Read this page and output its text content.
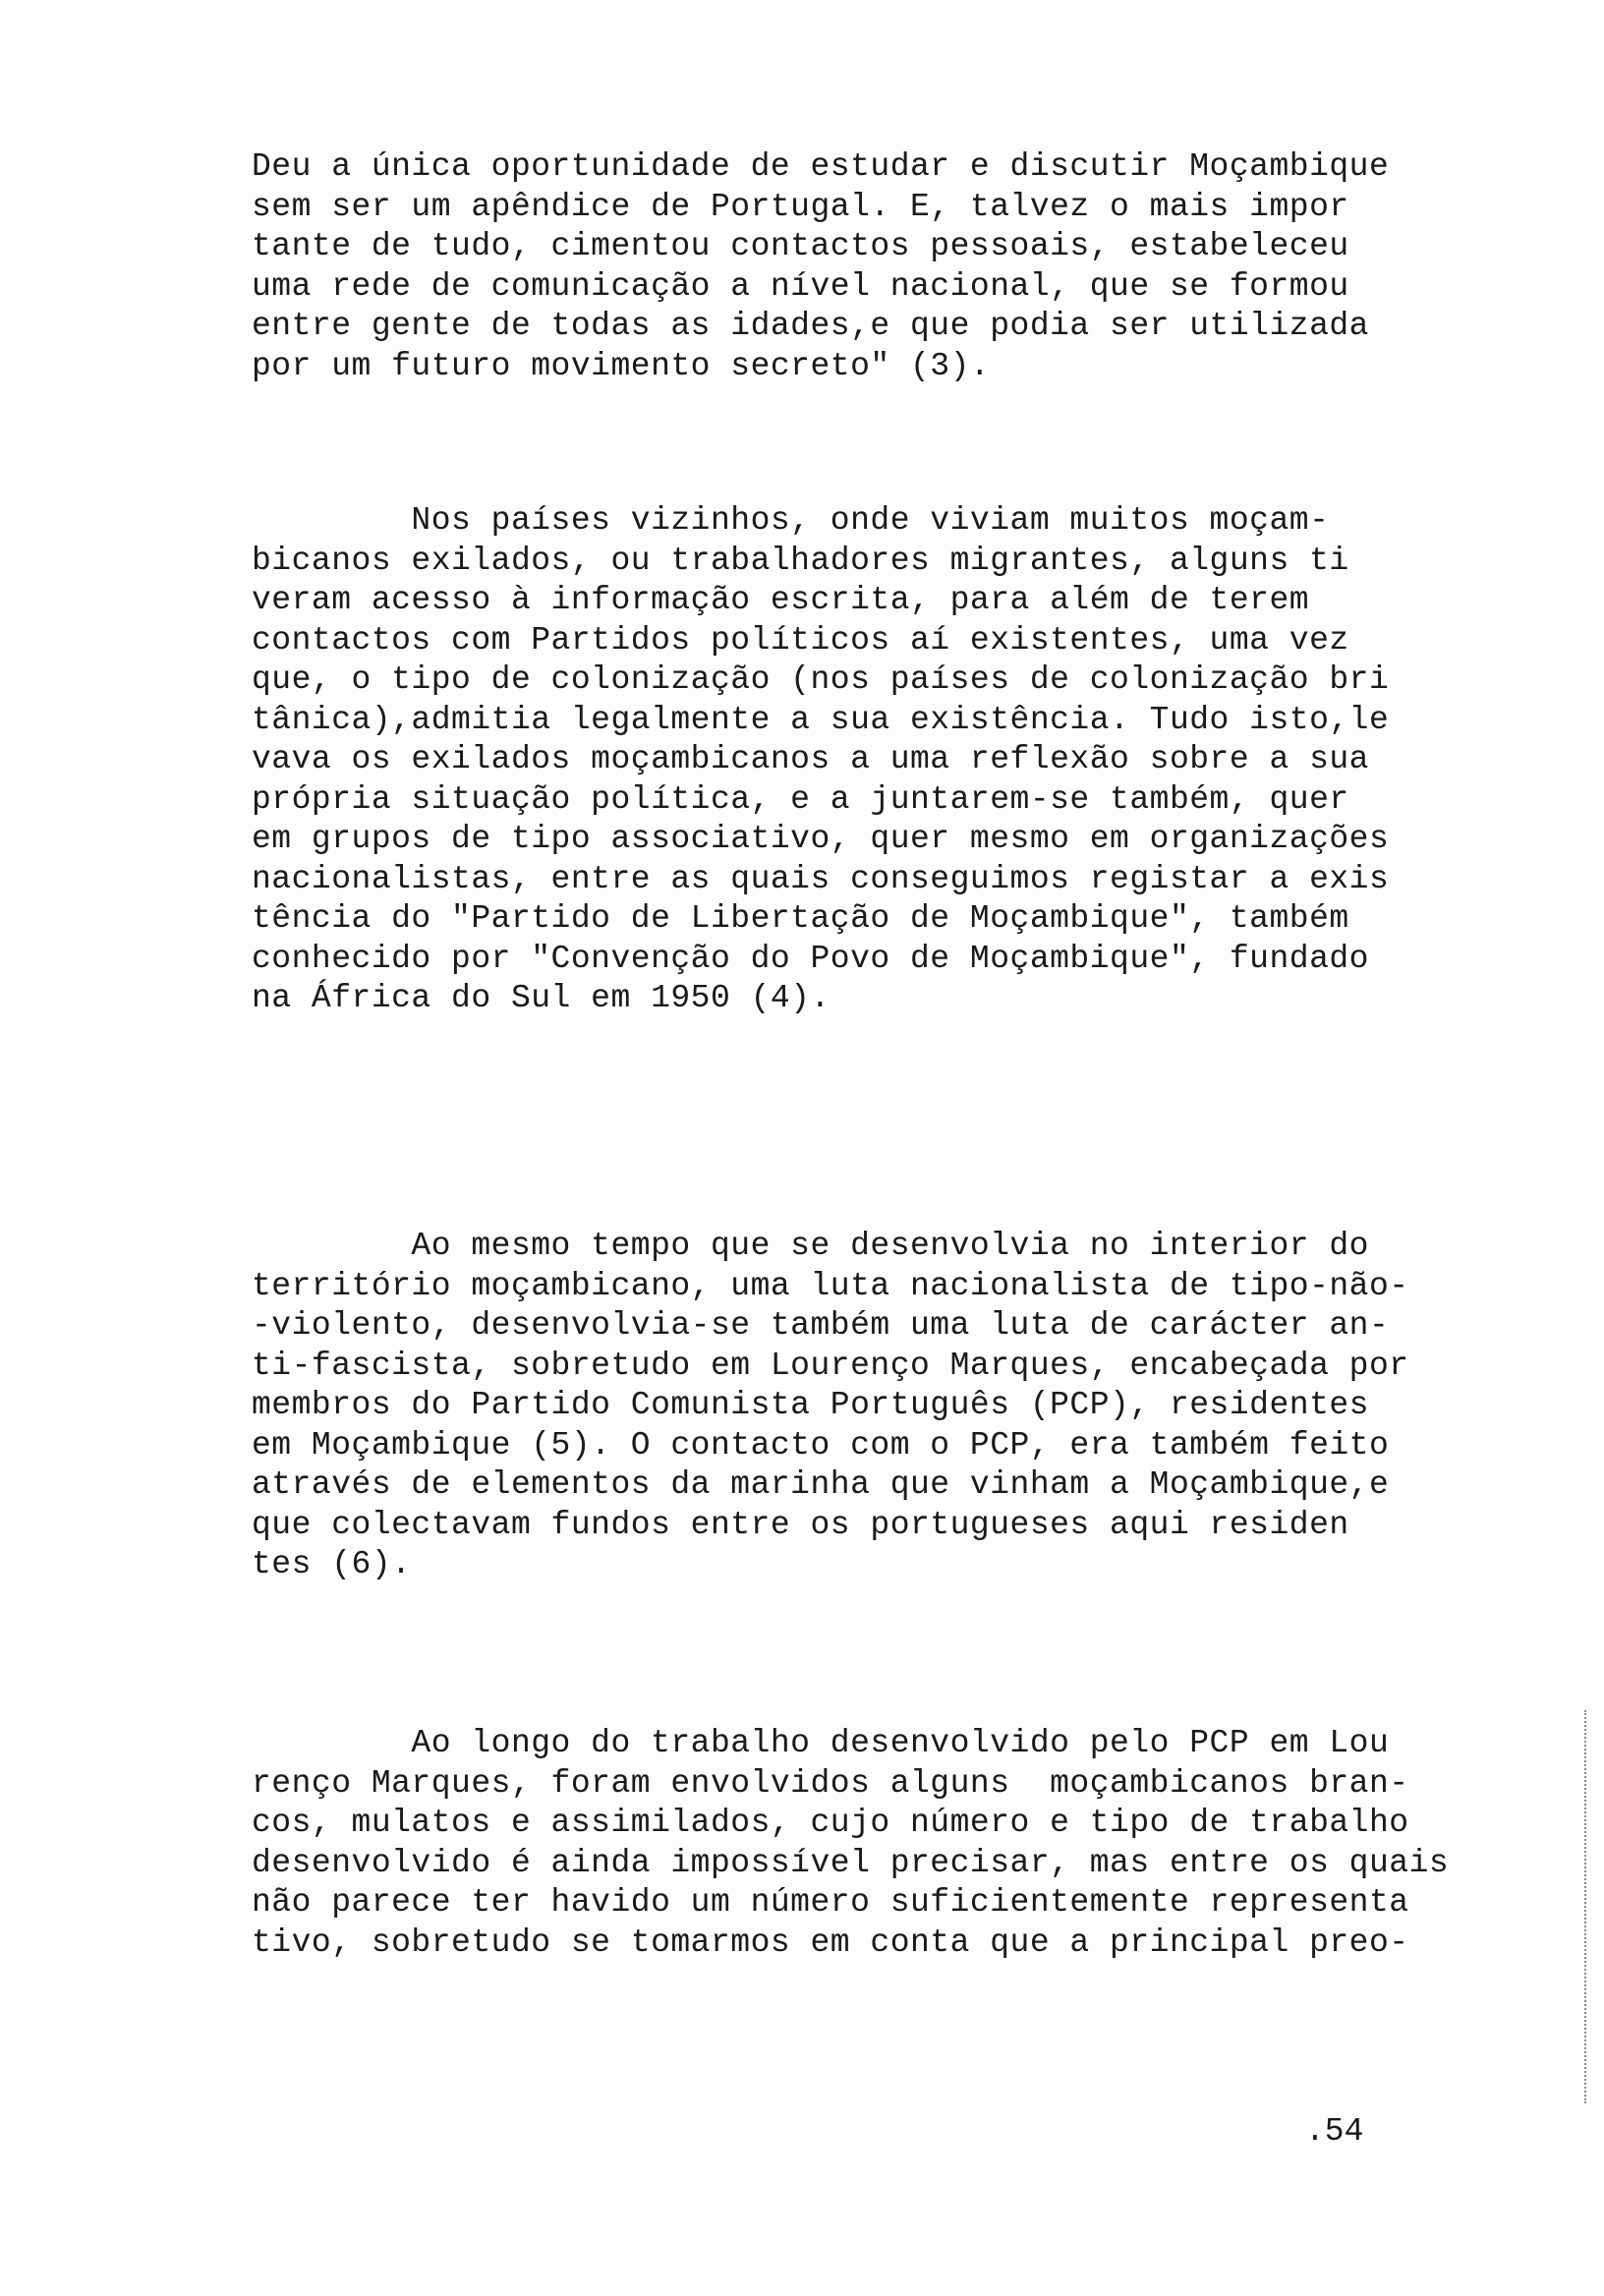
Deu a única oportunidade de estudar e discutir Moçambique
sem ser um apêndice de Portugal. E, talvez o mais impor
tante de tudo, cimentou contactos pessoais, estabeleceu
uma rede de comunicação a nível nacional, que se formou
entre gente de todas as idades,e que podia ser utilizada
por um futuro movimento secreto" (3).
Nos países vizinhos, onde viviam muitos moçam-
bicanos exilados, ou trabalhadores migrantes, alguns ti
veram acesso à informação escrita, para além de terem
contactos com Partidos políticos aí existentes, uma vez
que, o tipo de colonização (nos países de colonização bri
tânica),admitia legalmente a sua existência. Tudo isto,le
vava os exilados moçambicanos a uma reflexão sobre a sua
própria situação política, e a juntarem-se também, quer
em grupos de tipo associativo, quer mesmo em organizações
nacionalistas, entre as quais conseguimos registar a exis
tência do "Partido de Libertação de Moçambique", também
conhecido por "Convenção do Povo de Moçambique", fundado
na África do Sul em 1950 (4).
Ao mesmo tempo que se desenvolvia no interior do
território moçambicano, uma luta nacionalista de tipo-não-
-violento, desenvolvia-se também uma luta de carácter an-
ti-fascista, sobretudo em Lourenço Marques, encabeçada por
membros do Partido Comunista Português (PCP), residentes
em Moçambique (5). O contacto com o PCP, era também feito
através de elementos da marinha que vinham a Moçambique,e
que colectavam fundos entre os portugueses aqui residen
tes (6).
Ao longo do trabalho desenvolvido pelo PCP em Lou
renço Marques, foram envolvidos alguns  moçambicanos bran-
cos, mulatos e assimilados, cujo número e tipo de trabalho
desenvolvido é ainda impossível precisar, mas entre os quais
não parece ter havido um número suficientemente representa
tivo, sobretudo se tomarmos em conta que a principal preo-
.54
